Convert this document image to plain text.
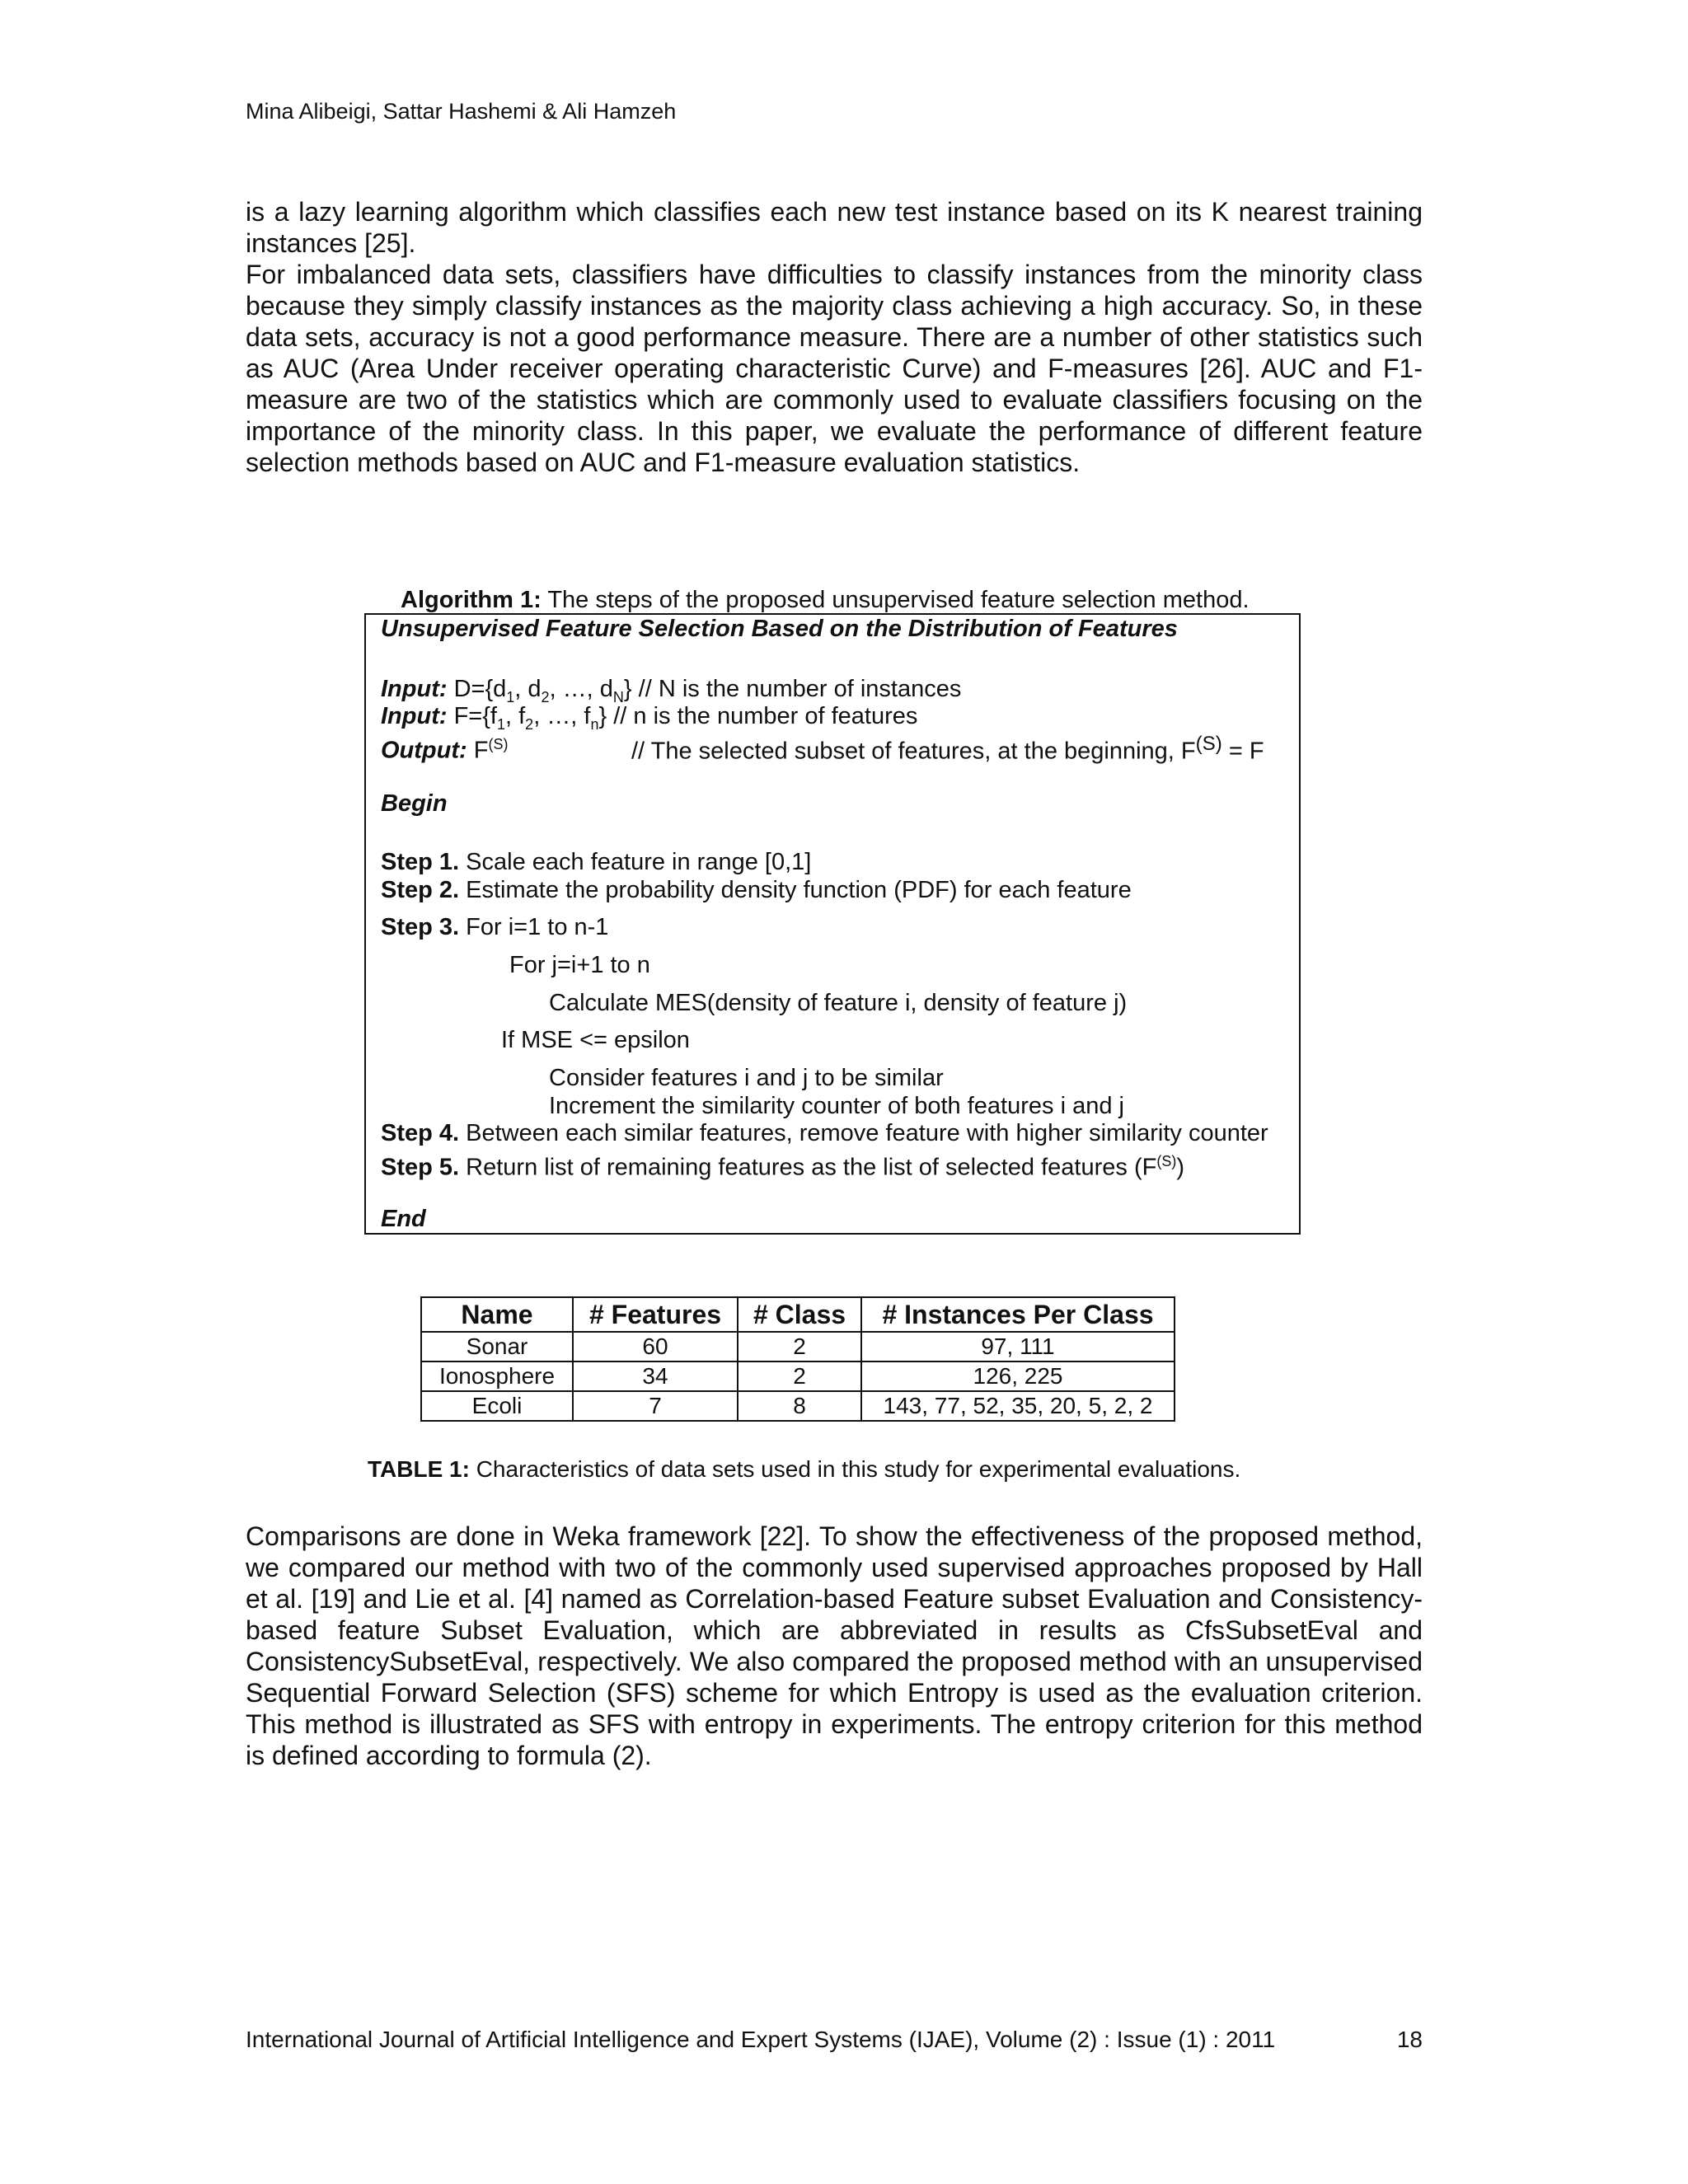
Mina Alibeigi, Sattar Hashemi & Ali Hamzeh

is a lazy learning algorithm which classifies each new test instance based on its K nearest training instances [25].

For imbalanced data sets, classifiers have difficulties to classify instances from the minority class because they simply classify instances as the majority class achieving a high accuracy. So, in these data sets, accuracy is not a good performance measure. There are a number of other statistics such as AUC (Area Under receiver operating characteristic Curve) and F-measures [26]. AUC and F1-measure are two of the statistics which are commonly used to evaluate classifiers focusing on the importance of the minority class. In this paper, we evaluate the performance of different feature selection methods based on AUC and F1-measure evaluation statistics.

Algorithm 1: The steps of the proposed unsupervised feature selection method.
Unsupervised Feature Selection Based on the Distribution of Features
Input: $D=\{d_1$, $d_2$, …, $d_N$} // N is the number of instances
Input: $F=\{f_1$, $f_2$, …, $f_n$} // n is the number of features
Output: $F^{(S)}$	// The selected subset of features, at the beginning, $F^{(S)} = F$
Begin
Step 1. Scale each feature in range [0,1]
Step 2. Estimate the probability density function (PDF) for each feature
Step 3. For i=1 to n-1
For j=i+1 to n
Calculate MES(density of feature i, density of feature j)
If MSE <= epsilon
Consider features i and j to be similar
Increment the similarity counter of both features i and j
Step 4. Between each similar features, remove feature with higher similarity counter
Step 5. Return list of remaining features as the list of selected features $(F^{(S)})$
End
Name	# Features	# Class	# Instances Per Class
Sonar	60	2	97, 111
Ionosphere	34	2	126, 225
Ecoli	7	8	143, 77, 52, 35, 20, 5, 2, 2
TABLE 1: Characteristics of data sets used in this study for experimental evaluations.

Comparisons are done in Weka framework [22]. To show the effectiveness of the proposed method, we compared our method with two of the commonly used supervised approaches proposed by Hall et al. [19] and Lie et al. [4] named as Correlation-based Feature subset Evaluation and Consistency-based feature Subset Evaluation, which are abbreviated in results as CfsSubsetEval and ConsistencySubsetEval, respectively. We also compared the proposed method with an unsupervised Sequential Forward Selection (SFS) scheme for which Entropy is used as the evaluation criterion. This method is illustrated as SFS with entropy in experiments. The entropy criterion for this method is defined according to formula (2).

International Journal of Artificial Intelligence and Expert Systems (IJAE), Volume (2) : Issue (1) : 2011	18
